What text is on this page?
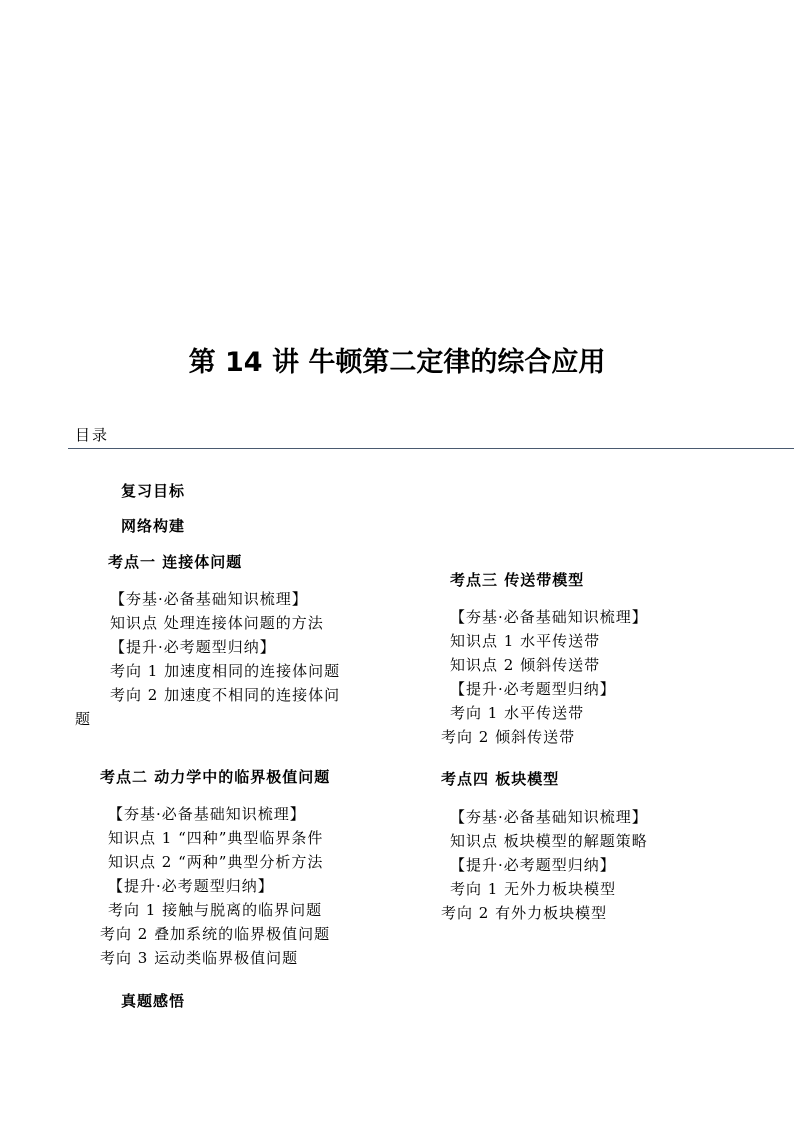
第 14 讲 牛顿第二定律的综合应用
目录
复习目标
网络构建
考点一 连接体问题
【夯基·必备基础知识梳理】
知识点 处理连接体问题的方法
【提升·必考题型归纳】
考向 1 加速度相同的连接体问题
考向 2 加速度不相同的连接体问
题
考点二 动力学中的临界极值问题
【夯基·必备基础知识梳理】
知识点 1 “四种”典型临界条件
知识点 2 “两种”典型分析方法
【提升·必考题型归纳】
考向 1 接触与脱离的临界问题
考向 2 叠加系统的临界极值问题
考向 3 运动类临界极值问题
真题感悟
考点三 传送带模型
【夯基·必备基础知识梳理】
知识点 1 水平传送带
知识点 2 倾斜传送带
【提升·必考题型归纳】
考向 1 水平传送带
考向 2 倾斜传送带
考点四 板块模型
【夯基·必备基础知识梳理】
知识点 板块模型的解题策略
【提升·必考题型归纳】
考向 1 无外力板块模型
考向 2 有外力板块模型
